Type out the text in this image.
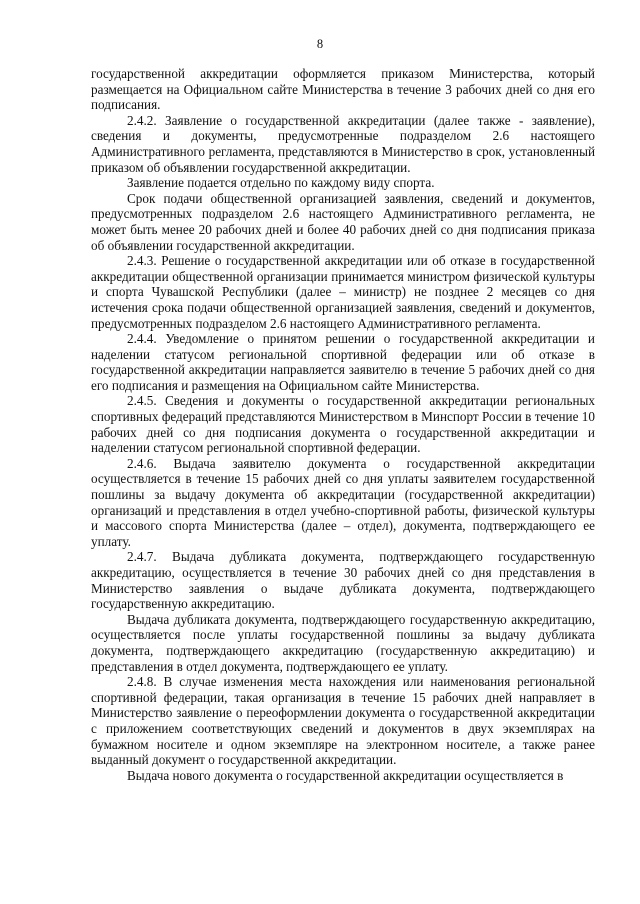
8

государственной аккредитации оформляется приказом Министерства, который размещается на Официальном сайте Министерства в течение 3 рабочих дней со дня его подписания.

2.4.2. Заявление о государственной аккредитации (далее также - заявление), сведения и документы, предусмотренные подразделом 2.6 настоящего Административного регламента, представляются в Министерство в срок, установленный приказом об объявлении государственной аккредитации.

Заявление подается отдельно по каждому виду спорта.

Срок подачи общественной организацией заявления, сведений и документов, предусмотренных подразделом 2.6 настоящего Административного регламента, не может быть менее 20 рабочих дней и более 40 рабочих дней со дня подписания приказа об объявлении государственной аккредитации.

2.4.3. Решение о государственной аккредитации или об отказе в государственной аккредитации общественной организации принимается министром физической культуры и спорта Чувашской Республики (далее – министр) не позднее 2 месяцев со дня истечения срока подачи общественной организацией заявления, сведений и документов, предусмотренных подразделом 2.6 настоящего Административного регламента.

2.4.4. Уведомление о принятом решении о государственной аккредитации и наделении статусом региональной спортивной федерации или об отказе в государственной аккредитации направляется заявителю в течение 5 рабочих дней со дня его подписания и размещения на Официальном сайте Министерства.

2.4.5. Сведения и документы о государственной аккредитации региональных спортивных федераций представляются Министерством в Минспорт России в течение 10 рабочих дней со дня подписания документа о государственной аккредитации и наделении статусом региональной спортивной федерации.

2.4.6. Выдача заявителю документа о государственной аккредитации осуществляется в течение 15 рабочих дней со дня уплаты заявителем государственной пошлины за выдачу документа об аккредитации (государственной аккредитации) организаций и представления в отдел учебно-спортивной работы, физической культуры и массового спорта Министерства (далее – отдел), документа, подтверждающего ее уплату.

2.4.7. Выдача дубликата документа, подтверждающего государственную аккредитацию, осуществляется в течение 30 рабочих дней со дня представления в Министерство заявления о выдаче дубликата документа, подтверждающего государственную аккредитацию.

Выдача дубликата документа, подтверждающего государственную аккредитацию, осуществляется после уплаты государственной пошлины за выдачу дубликата документа, подтверждающего аккредитацию (государственную аккредитацию) и представления в отдел документа, подтверждающего ее уплату.

2.4.8. В случае изменения места нахождения или наименования региональной спортивной федерации, такая организация в течение 15 рабочих дней направляет в Министерство заявление о переоформлении документа о государственной аккредитации с приложением соответствующих сведений и документов в двух экземплярах на бумажном носителе и одном экземпляре на электронном носителе, а также ранее выданный документ о государственной аккредитации.

Выдача нового документа о государственной аккредитации осуществляется в
